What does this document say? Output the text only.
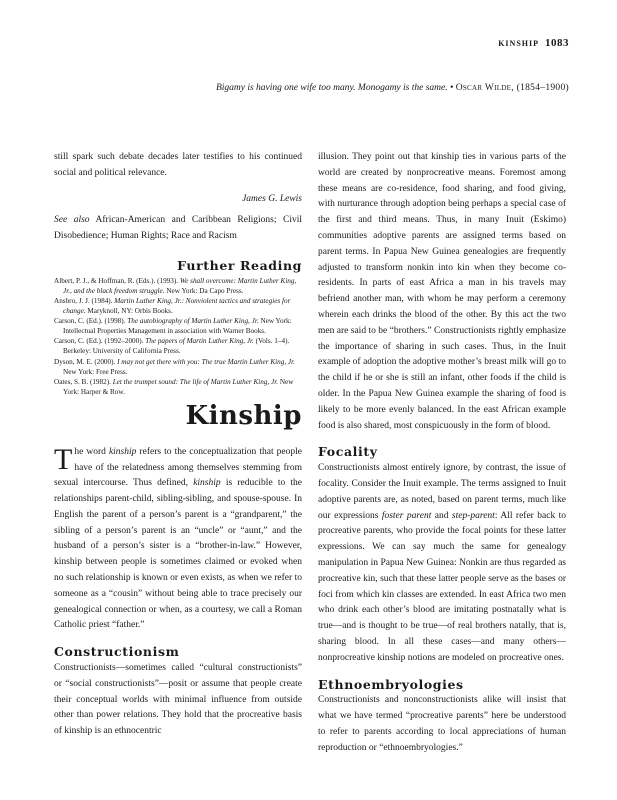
kinship 1083
Bigamy is having one wife too many. Monogamy is the same. • Oscar Wilde, (1854–1900)

still spark such debate decades later testifies to his continued social and political relevance.

James G. Lewis

See also African-American and Caribbean Religions; Civil Disobedience; Human Rights; Race and Racism

Further Reading

Albert, P. J., & Hoffman, R. (Eds.). (1993). We shall overcome: Martin Luther King, Jr., and the black freedom struggle. New York: Da Capo Press.

Ansbro, J. J. (1984). Martin Luther King, Jr.: Nonviolent tactics and strategies for change. Maryknoll, NY: Orbis Books.

Carson, C. (Ed.). (1998). The autobiography of Martin Luther King, Jr. New York: Intellectual Properties Management in association with Warner Books.

Carson, C. (Ed.). (1992–2000). The papers of Martin Luther King, Jr. (Vols. 1–4). Berkeley: University of California Press.

Dyson, M. E. (2000). I may not get there with you: The true Martin Luther King, Jr. New York: Free Press.

Oates, S. B. (1982). Let the trumpet sound: The life of Martin Luther King, Jr. New York: Harper & Row.

Kinship

The word kinship refers to the conceptualization that people have of the relatedness among themselves stemming from sexual intercourse. Thus defined, kinship is reducible to the relationships parent-child, sibling-sibling, and spouse-spouse. In English the parent of a person’s parent is a “grandparent,” the sibling of a person’s parent is an “uncle” or “aunt,” and the husband of a person’s sister is a “brother-in-law.” However, kinship between people is sometimes claimed or evoked when no such relationship is known or even exists, as when we refer to someone as a “cousin” without being able to trace precisely our genealogical connection or when, as a courtesy, we call a Roman Catholic priest “father.”

Constructionism

Constructionists—sometimes called “cultural constructionists” or “social constructionists”—posit or assume that people create their conceptual worlds with minimal influence from outside other than power relations. They hold that the procreative basis of kinship is an ethnocentric

illusion. They point out that kinship ties in various parts of the world are created by nonprocreative means. Foremost among these means are co-residence, food sharing, and food giving, with nurturance through adoption being perhaps a special case of the first and third means. Thus, in many Inuit (Eskimo) communities adoptive parents are assigned terms based on parent terms. In Papua New Guinea genealogies are frequently adjusted to transform nonkin into kin when they become co-residents. In parts of east Africa a man in his travels may befriend another man, with whom he may perform a ceremony wherein each drinks the blood of the other. By this act the two men are said to be “brothers.” Constructionists rightly emphasize the importance of sharing in such cases. Thus, in the Inuit example of adoption the adoptive mother’s breast milk will go to the child if he or she is still an infant, other foods if the child is older. In the Papua New Guinea example the sharing of food is likely to be more evenly balanced. In the east African example food is also shared, most conspicuously in the form of blood.

Focality

Constructionists almost entirely ignore, by contrast, the issue of focality. Consider the Inuit example. The terms assigned to Inuit adoptive parents are, as noted, based on parent terms, much like our expressions foster parent and step-parent: All refer back to procreative parents, who provide the focal points for these latter expressions. We can say much the same for genealogy manipulation in Papua New Guinea: Nonkin are thus regarded as procreative kin, such that these latter people serve as the bases or foci from which kin classes are extended. In east Africa two men who drink each other’s blood are imitating postnatally what is true—and is thought to be true—of real brothers natally, that is, sharing blood. In all these cases—and many others—nonprocreative kinship notions are modeled on procreative ones.

Ethnoembryologies

Constructionists and nonconstructionists alike will insist that what we have termed “procreative parents” here be understood to refer to parents according to local appreciations of human reproduction or “ethnoembryologies.”
